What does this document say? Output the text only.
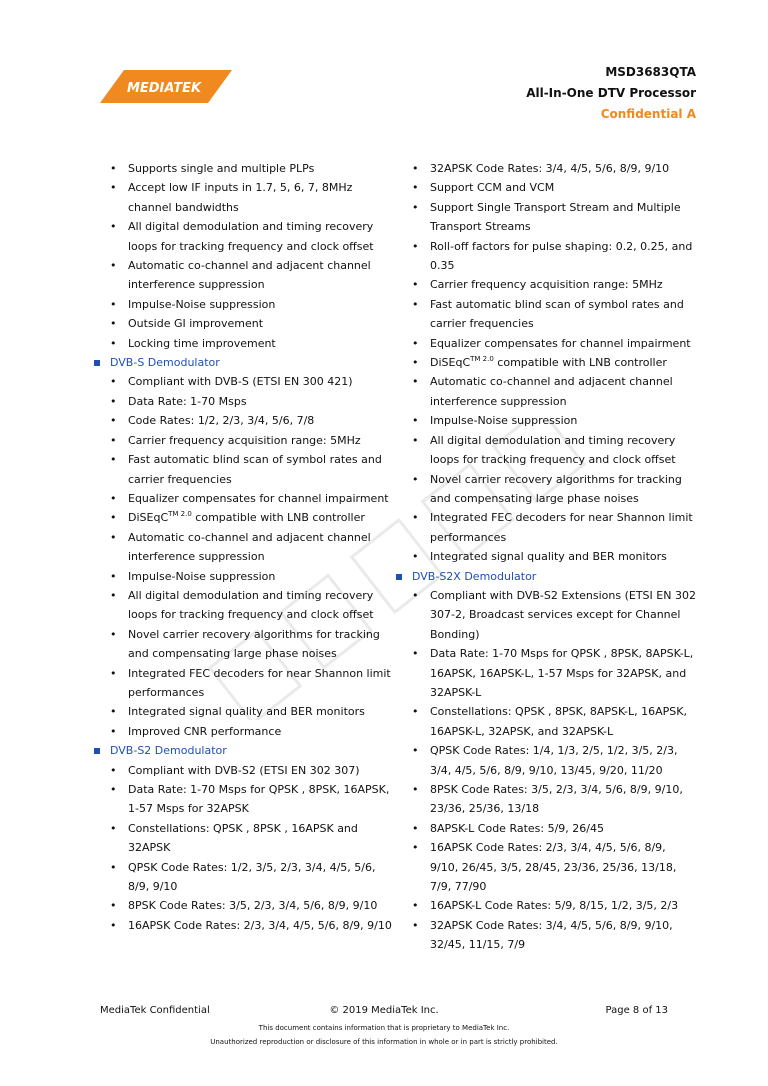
MEDIATEK
MSD3683QTA
All-In-One DTV Processor
Confidential A
• Supports single and multiple PLPs
• Accept low IF inputs in 1.7, 5, 6, 7, 8MHz channel bandwidths
• All digital demodulation and timing recovery loops for tracking frequency and clock offset
• Automatic co-channel and adjacent channel interference suppression
• Impulse-Noise suppression
• Outside GI improvement
• Locking time improvement
DVB-S Demodulator
• Compliant with DVB-S (ETSI EN 300 421)
• Data Rate: 1-70 Msps
• Code Rates: 1/2, 2/3, 3/4, 5/6, 7/8
• Carrier frequency acquisition range: 5MHz
• Fast automatic blind scan of symbol rates and carrier frequencies
• Equalizer compensates for channel impairment
• DiSEqC$^{TM 2.0}$ compatible with LNB controller
• Automatic co-channel and adjacent channel interference suppression
• Impulse-Noise suppression
• All digital demodulation and timing recovery loops for tracking frequency and clock offset
• Novel carrier recovery algorithms for tracking and compensating large phase noises
• Integrated FEC decoders for near Shannon limit performances
• Integrated signal quality and BER monitors
• Improved CNR performance
DVB-S2 Demodulator
• Compliant with DVB-S2 (ETSI EN 302 307)
• Data Rate: 1-70 Msps for QPSK , 8PSK, 16APSK, 1-57 Msps for 32APSK
• Constellations: QPSK , 8PSK , 16APSK and 32APSK
• QPSK Code Rates: 1/2, 3/5, 2/3, 3/4, 4/5, 5/6, 8/9, 9/10
• 8PSK Code Rates: 3/5, 2/3, 3/4, 5/6, 8/9, 9/10
• 16APSK Code Rates: 2/3, 3/4, 4/5, 5/6, 8/9, 9/10
• 32APSK Code Rates: 3/4, 4/5, 5/6, 8/9, 9/10
• Support CCM and VCM
• Support Single Transport Stream and Multiple Transport Streams
• Roll-off factors for pulse shaping: 0.2, 0.25, and 0.35
• Carrier frequency acquisition range: 5MHz
• Fast automatic blind scan of symbol rates and carrier frequencies
• Equalizer compensates for channel impairment
• DiSEqC$^{TM 2.0}$ compatible with LNB controller
• Automatic co-channel and adjacent channel interference suppression
• Impulse-Noise suppression
• All digital demodulation and timing recovery loops for tracking frequency and clock offset
• Novel carrier recovery algorithms for tracking and compensating large phase noises
• Integrated FEC decoders for near Shannon limit performances
• Integrated signal quality and BER monitors
DVB-S2X Demodulator
• Compliant with DVB-S2 Extensions (ETSI EN 302 307-2, Broadcast services except for Channel Bonding)
• Data Rate: 1-70 Msps for QPSK , 8PSK, 8APSK-L, 16APSK, 16APSK-L, 1-57 Msps for 32APSK, and 32APSK-L
• Constellations: QPSK , 8PSK, 8APSK-L, 16APSK, 16APSK-L, 32APSK, and 32APSK-L
• QPSK Code Rates: 1/4, 1/3, 2/5, 1/2, 3/5, 2/3, 3/4, 4/5, 5/6, 8/9, 9/10, 13/45, 9/20, 11/20
• 8PSK Code Rates: 3/5, 2/3, 3/4, 5/6, 8/9, 9/10, 23/36, 25/36, 13/18
• 8APSK-L Code Rates: 5/9, 26/45
• 16APSK Code Rates: 2/3, 3/4, 4/5, 5/6, 8/9, 9/10, 26/45, 3/5, 28/45, 23/36, 25/36, 13/18, 7/9, 77/90
• 16APSK-L Code Rates: 5/9, 8/15, 1/2, 3/5, 2/3
• 32APSK Code Rates: 3/4, 4/5, 5/6, 8/9, 9/10, 32/45, 11/15, 7/9
MediaTek Confidential	© 2019 MediaTek Inc.	Page 8 of 13
This document contains information that is proprietary to MediaTek Inc.
Unauthorized reproduction or disclosure of this information in whole or in part is strictly prohibited.
